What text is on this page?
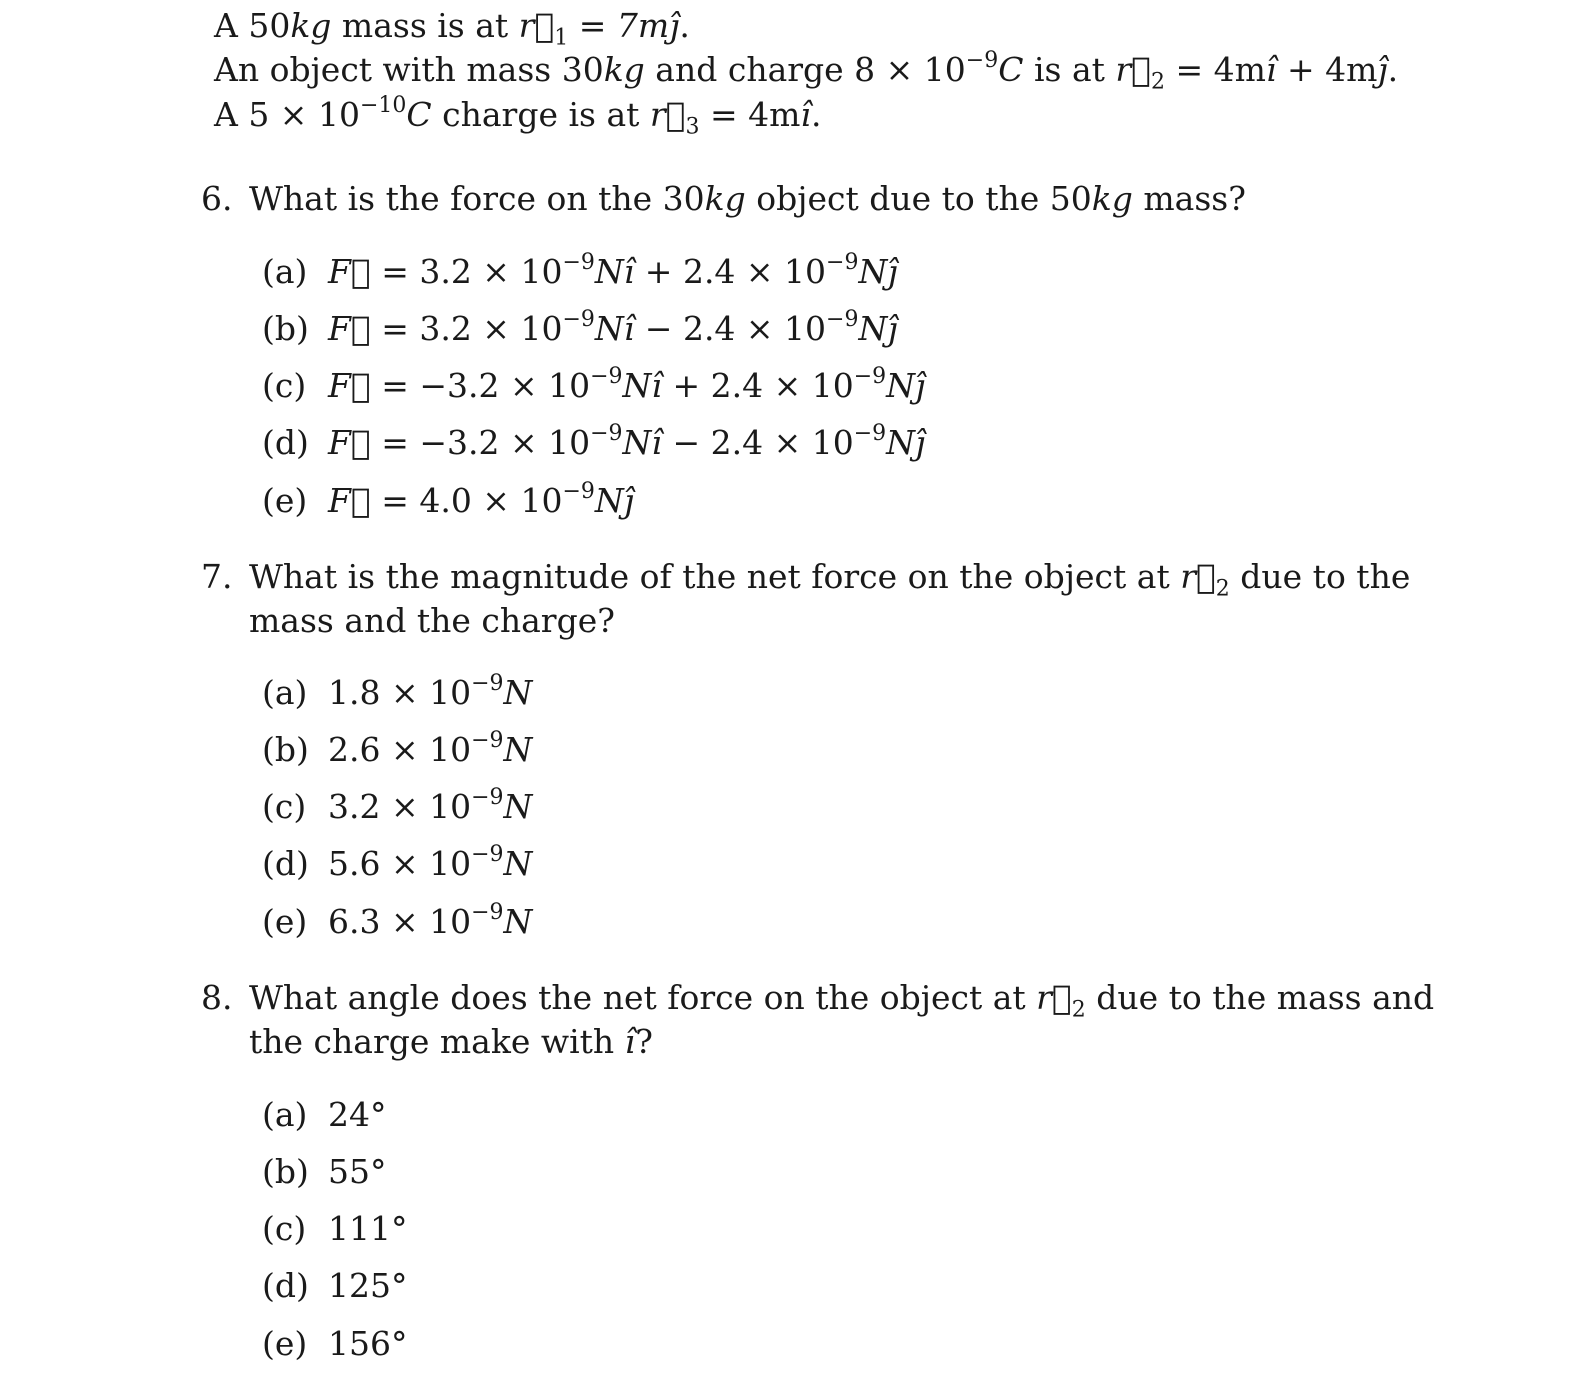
A 50kg mass is at $r⃗_1$ = 7mĵ.
An object with mass 30kg and charge $8 \times 10^{-9}C$ is at $r⃗_2$ = 4mî + 4mĵ.
A $5 \times 10^{-10}C$ charge is at $r⃗_3$ = 4mî.
6. What is the force on the 30kg object due to the 50kg mass?
(a) F⃗ = $3.2 \times 10^{-9}Nî + 2.4$ × $10^{-9}Nĵ$
(b) F⃗ = $3.2 \times 10^{-9}Nî - 2.4$ × $10^{-9}Nĵ$
(c) F⃗ = $-3.2 \times 10^{-9}Nî + 2.4$ × $10^{-9}Nĵ$
(d) F⃗ = $-3.2 \times 10^{-9}Nî - 2.4$ × $10^{-9}Nĵ$
(e) F⃗ = $4.0 \times 10^{-9}Nĵ$
7. What is the magnitude of the net force on the object at $r⃗_2$ due to the
mass and the charge?
(a) $1.8 \times 10^{-9}N$
(b) $2.6 \times 10^{-9}N$
(c) $3.2 \times 10^{-9}N$
(d) $5.6 \times 10^{-9}N$
(e) $6.3 \times 10^{-9}N$
8. What angle does the net force on the object at $r⃗_2$ due to the mass and
the charge make with î?
(a) 24°
(b) 55°
(c) 111°
(d) 125°
(e) 156°
